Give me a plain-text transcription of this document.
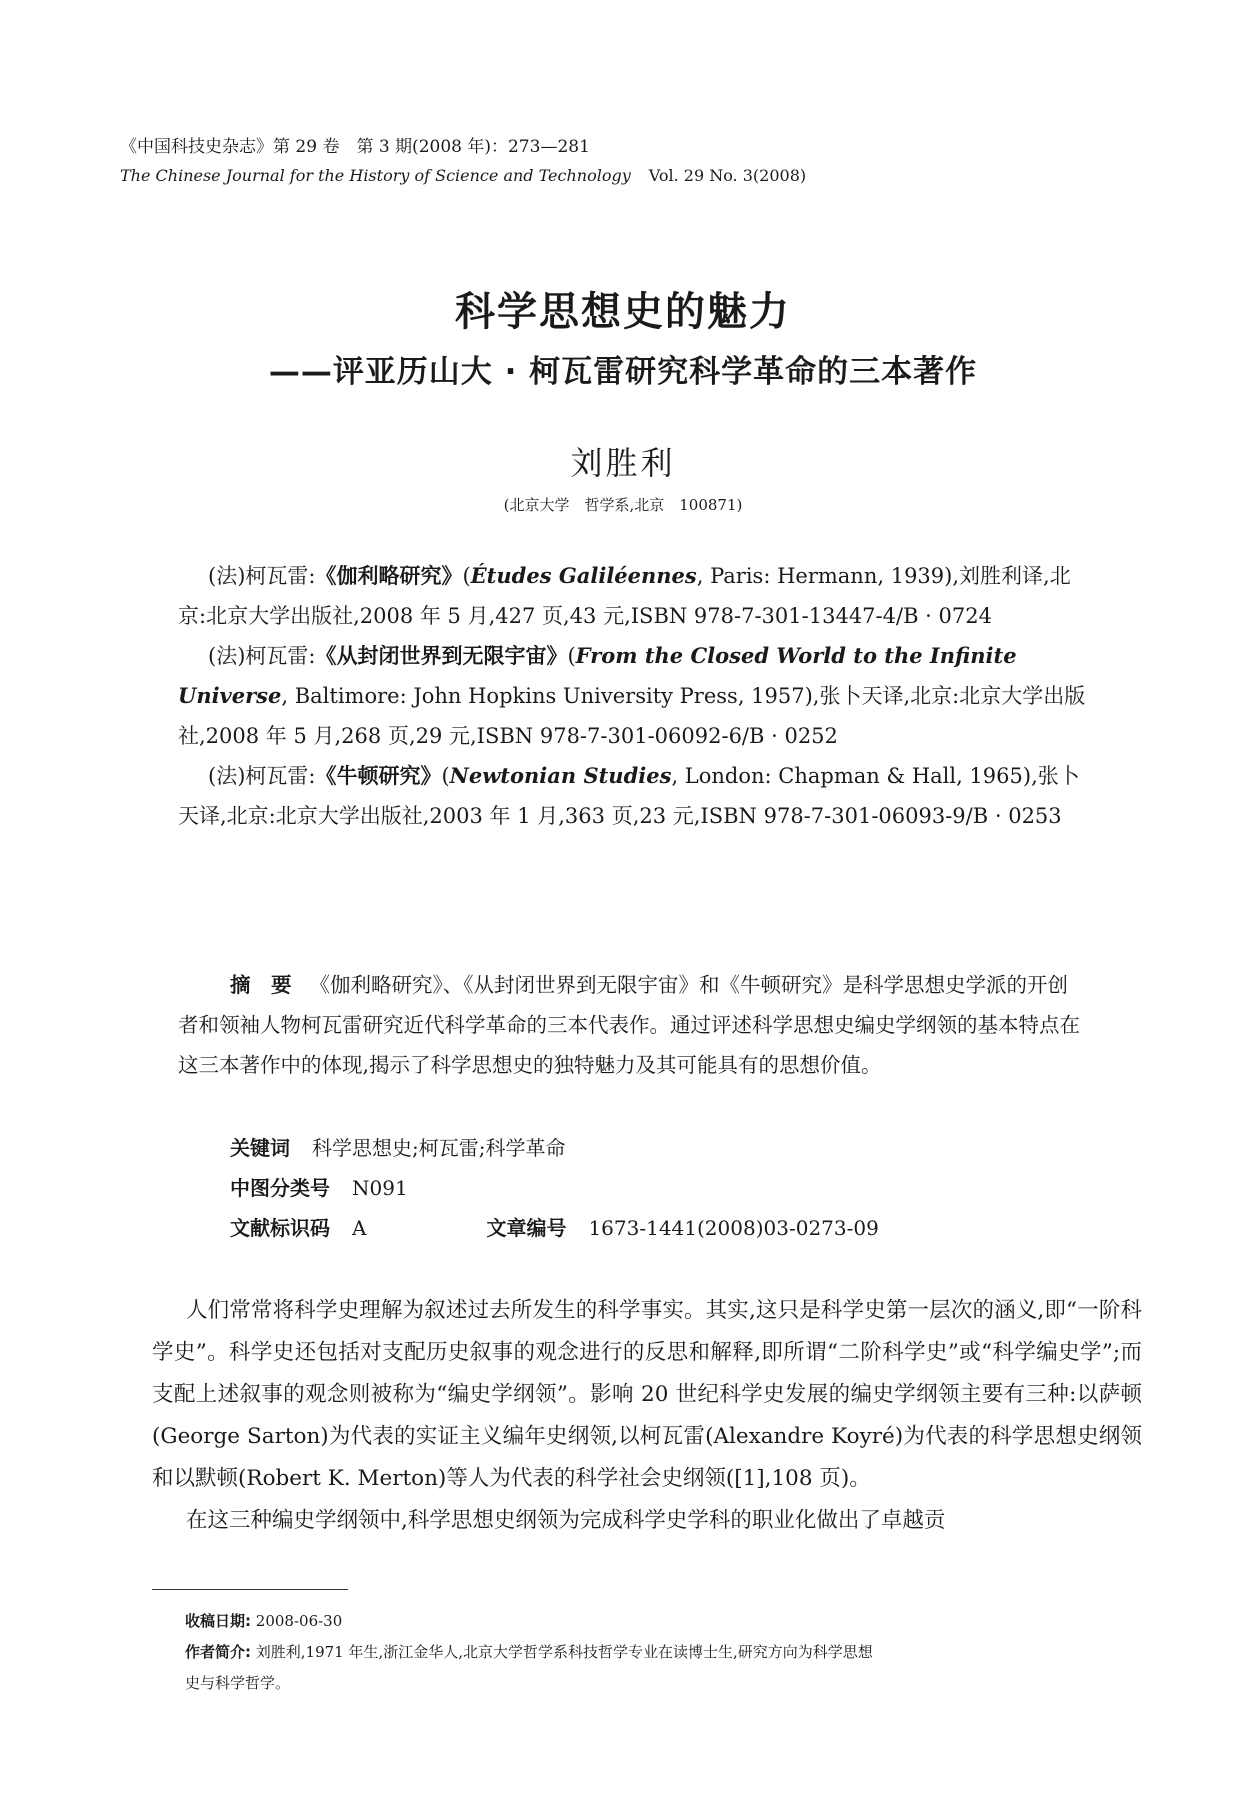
《中国科技史杂志》第 29 卷　第 3 期(2008 年)：273—281
The Chinese Journal for the History of Science and Technology Vol. 29 No. 3(2008)
科学思想史的魅力
——评亚历山大 · 柯瓦雷研究科学革命的三本著作
刘胜利
(北京大学　哲学系,北京　100871)

(法)柯瓦雷:《伽利略研究》(Études Galiléennes, Paris: Hermann, 1939),刘胜利译,北京:北京大学出版社,2008 年 5 月,427 页,43 元,ISBN 978-7-301-13447-4/B · 0724

(法)柯瓦雷:《从封闭世界到无限宇宙》(From the Closed World to the Infinite Universe, Baltimore: John Hopkins University Press, 1957),张卜天译,北京:北京大学出版社,2008 年 5 月,268 页,29 元,ISBN 978-7-301-06092-6/B · 0252

(法)柯瓦雷:《牛顿研究》(Newtonian Studies, London: Chapman & Hall, 1965),张卜天译,北京:北京大学出版社,2003 年 1 月,363 页,23 元,ISBN 978-7-301-06093-9/B · 0253

摘　要 《伽利略研究》、《从封闭世界到无限宇宙》和《牛顿研究》是科学思想史学派的开创者和领袖人物柯瓦雷研究近代科学革命的三本代表作。通过评述科学思想史编史学纲领的基本特点在这三本著作中的体现,揭示了科学思想史的独特魅力及其可能具有的思想价值。

关键词 科学思想史;柯瓦雷;科学革命
中图分类号 N091
文献标识码 A	文章编号 1673-1441(2008)03-0273-09

人们常常将科学史理解为叙述过去所发生的科学事实。其实,这只是科学史第一层次的涵义,即“一阶科学史”。科学史还包括对支配历史叙事的观念进行的反思和解释,即所谓“二阶科学史”或“科学编史学”;而支配上述叙事的观念则被称为“编史学纲领”。影响 20 世纪科学史发展的编史学纲领主要有三种:以萨顿(George Sarton)为代表的实证主义编年史纲领,以柯瓦雷(Alexandre Koyré)为代表的科学思想史纲领和以默顿(Robert K. Merton)等人为代表的科学社会史纲领([1],108 页)。

在这三种编史学纲领中,科学思想史纲领为完成科学史学科的职业化做出了卓越贡

收稿日期: 2008-06-30
作者简介: 刘胜利,1971 年生,浙江金华人,北京大学哲学系科技哲学专业在读博士生,研究方向为科学思想
史与科学哲学。
